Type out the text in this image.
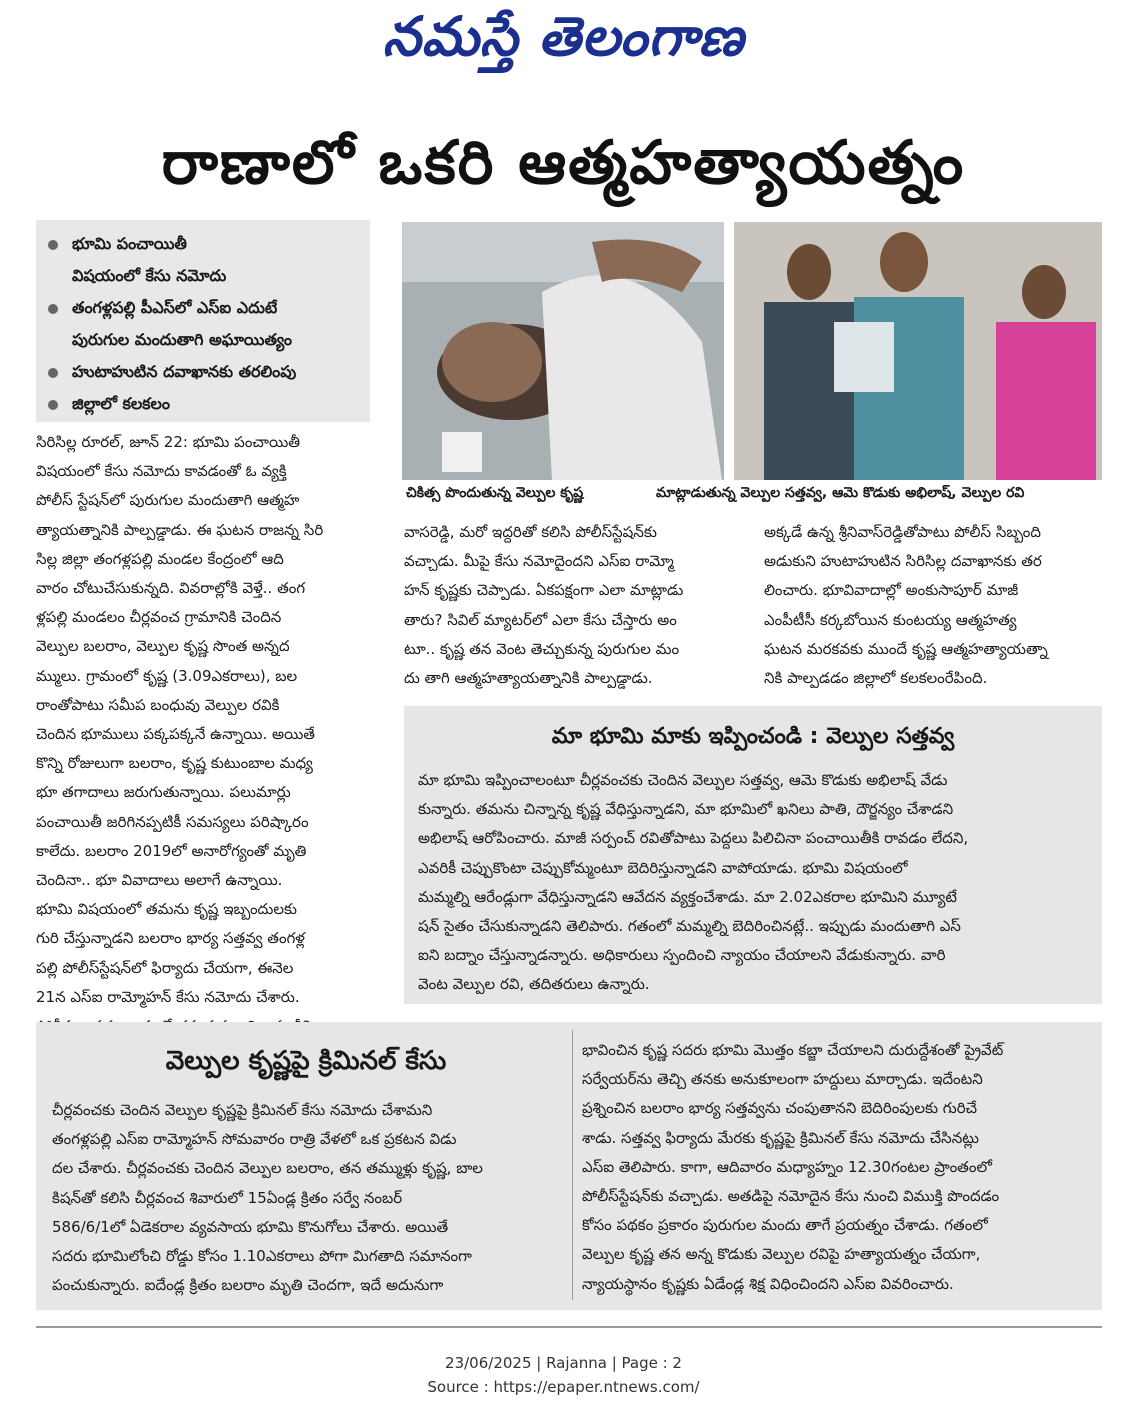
నమస్తే తెలంగాణ
రాణాలో ఒకరి ఆత్మహత్యాయత్నం
భూమి పంచాయితీ
విషయంలో కేసు నమోదు
తంగళ్లపల్లి పీఎస్‌లో ఎస్‌ఐ ఎదుటే
పురుగుల మందుతాగి అఘాయిత్యం
హుటాహుటిన దవాఖానకు తరలింపు
జిల్లాలో కలకలం
సిరిసిల్ల రూరల్, జూన్ 22: భూమి పంచాయితీ
విషయంలో కేసు నమోదు కావడంతో ఓ వ్యక్తి
పోలీస్ స్టేషన్‌లో పురుగుల మందుతాగి ఆత్మహ
త్యాయత్నానికి పాల్పడ్డాడు. ఈ ఘటన రాజన్న సిరి
సిల్ల జిల్లా తంగళ్లపల్లి మండల కేంద్రంలో ఆది
వారం చోటుచేసుకున్నది. వివరాల్లోకి వెళ్తే.. తంగ
ళ్లపల్లి మండలం చీర్లవంచ గ్రామానికి చెందిన
వెల్పుల బలరాం, వెల్పుల కృష్ణ సొంత అన్నద
మ్ములు. గ్రామంలో కృష్ణ (3.09ఎకరాలు), బల
రాంతోపాటు సమీప బంధువు వెల్పుల రవికి
చెందిన భూములు పక్కపక్కనే ఉన్నాయి. అయితే
కొన్ని రోజులుగా బలరాం, కృష్ణ కుటుంబాల మధ్య
భూ తగాదాలు జరుగుతున్నాయి. పలుమార్లు
పంచాయితీ జరిగినప్పటికీ సమస్యలు పరిష్కారం
కాలేదు. బలరాం 2019లో అనారోగ్యంతో మృతి
చెందినా.. భూ వివాదాలు అలాగే ఉన్నాయి.
భూమి విషయంలో తమను కృష్ణ ఇబ్బందులకు
గురి చేస్తున్నాడని బలరాం భార్య సత్తవ్వ తంగళ్ల
పల్లి పోలీస్‌స్టేషన్‌లో ఫిర్యాదు చేయగా, ఈనెల
21న ఎస్‌ఐ రామ్మోహన్ కేసు నమోదు చేశారు.
చికిత్స పొందుతున్న వెల్పుల కృష్ణ	మాట్లాడుతున్న వెల్పుల సత్తవ్వ, ఆమె కొడుకు అభిలాష్, వెల్పుల రవి
వాసరెడ్డి, మరో ఇద్దరితో కలిసి పోలీస్‌స్టేషన్‌కు
వచ్చాడు. మీపై కేసు నమోదైందని ఎస్‌ఐ రామ్మో
హన్ కృష్ణకు చెప్పాడు. ఏకపక్షంగా ఎలా మాట్లాడు
తారు? సివిల్ మ్యాటర్‌లో ఎలా కేసు చేస్తారు అం
టూ.. కృష్ణ తన వెంట తెచ్చుకున్న పురుగుల మం
దు తాగి ఆత్మహత్యాయత్నానికి పాల్పడ్డాడు.
అక్కడే ఉన్న శ్రీనివాస్‌రెడ్డితోపాటు పోలీస్ సిబ్బంది
అడుకుని హుటాహుటిన సిరిసిల్ల దవాఖానకు తర
లించారు. భూవివాదాల్లో అంకుసాపూర్ మాజీ
ఎంపీటీసీ కర్కబోయిన కుంటయ్య ఆత్మహత్య
ఘటన మరకవకు ముందే కృష్ణ ఆత్మహత్యాయత్నా
నికి పాల్పడడం జిల్లాలో కలకలంరేపింది.
మా భూమి మాకు ఇప్పించండి : వెల్పుల సత్తవ్వ
మా భూమి ఇప్పించాలంటూ చీర్లవంచకు చెందిన వెల్పుల సత్తవ్వ, ఆమె కొడుకు అభిలాష్ వేడు
కున్నారు. తమను చిన్నాన్న కృష్ణ వేధిస్తున్నాడని, మా భూమిలో ఖనిలు పాతి, దౌర్జన్యం చేశాడని
అభిలాష్ ఆరోపించారు. మాజీ సర్పంచ్ రవితోపాటు పెద్దలు పిలిచినా పంచాయితీకి రావడం లేదని,
ఎవరికీ చెప్పుకొంటా చెప్పుకోమ్మంటూ బెదిరిస్తున్నాడని వాపోయాడు. భూమి విషయంలో
మమ్మల్ని ఆరేండ్లుగా వేధిస్తున్నాడని ఆవేదన వ్యక్తంచేశాడు. మా 2.02ఎకరాల భూమిని మ్యూటే
షన్ సైతం చేసుకున్నాడని తెలిపారు. గతంలో మమ్మల్ని బెదిరించినట్లే.. ఇప్పుడు మందుతాగి ఎస్
ఐని బద్నాం చేస్తున్నాడన్నారు. అధికారులు స్పందించి న్యాయం చేయాలని వేడుకున్నారు. వారి
వెంట వెల్పుల రవి, తదితరులు ఉన్నారు.
వెల్పుల కృష్ణపై క్రిమినల్ కేసు
చీర్లవంచకు చెందిన వెల్పుల కృష్ణపై క్రిమినల్ కేసు నమోదు చేశామని
తంగళ్లపల్లి ఎస్‌ఐ రామ్మోహన్ సోమవారం రాత్రి వేళలో ఒక ప్రకటన విడు
దల చేశారు. చీర్లవంచకు చెందిన వెల్పుల బలరాం, తన తమ్ముళ్లు కృష్ణ, బాల
కిషన్‌తో కలిసి చీర్లవంచ శివారులో 15ఏండ్ల క్రితం సర్వే నంబర్
586/6/1లో ఏడెకరాల వ్యవసాయ భూమి కొనుగోలు చేశారు. అయితే
సదరు భూమిలోంచి రోడ్డు కోసం 1.10ఎకరాలు పోగా మిగతాది సమానంగా
పంచుకున్నారు. ఐదేండ్ల క్రితం బలరాం మృతి చెందగా, ఇదే అదునుగా
భావించిన కృష్ణ సదరు భూమి మొత్తం కబ్జా చేయాలని దురుద్దేశంతో ప్రైవేట్
సర్వేయర్‌ను తెచ్చి తనకు అనుకూలంగా హద్దులు మార్చాడు. ఇదేంటని
ప్రశ్నించిన బలరాం భార్య సత్తవ్వను చంపుతానని బెదిరింపులకు గురిచే
శాడు. సత్తవ్వ ఫిర్యాదు మేరకు కృష్ణపై క్రిమినల్ కేసు నమోదు చేసినట్లు
ఎస్‌ఐ తెలిపారు. కాగా, ఆదివారం మధ్యాహ్నం 12.30గంటల ప్రాంతంలో
పోలీస్‌స్టేషన్‌కు వచ్చాడు. అతడిపై నమోదైన కేసు నుంచి విముక్తి పొందడం
కోసం పథకం ప్రకారం పురుగుల మందు తాగే ప్రయత్నం చేశాడు. గతంలో
వెల్పుల కృష్ణ తన అన్న కొడుకు వెల్పుల రవిపై హత్యాయత్నం చేయగా,
న్యాయస్థానం కృష్ణకు ఏడేండ్ల శిక్ష విధించిందని ఎస్‌ఐ వివరించారు.
23/06/2025 | Rajanna | Page : 2
Source : https://epaper.ntnews.com/
